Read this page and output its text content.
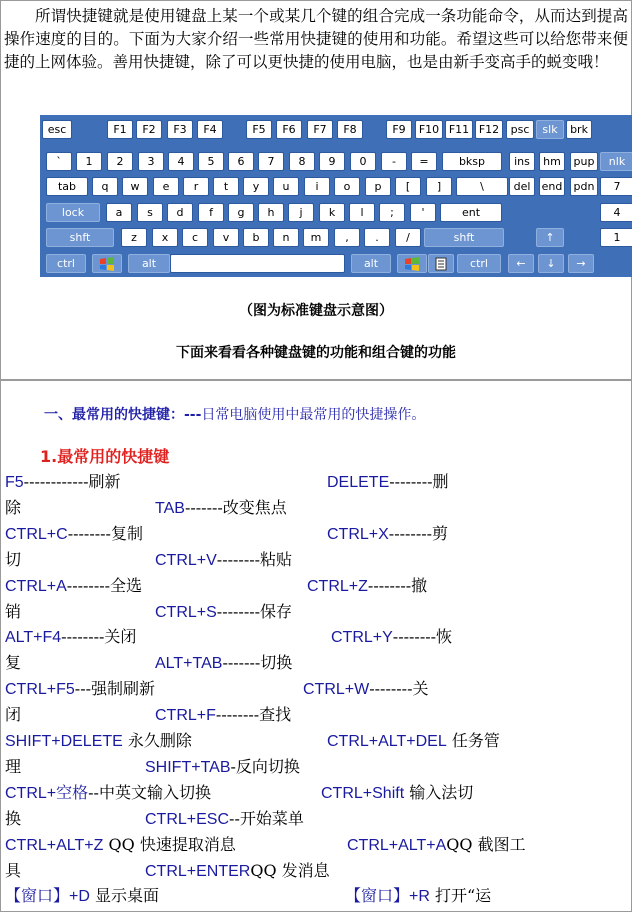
所谓快捷键就是使用键盘上某一个或某几个键的组合完成一条功能命令，从而达到提高操作速度的目的。下面为大家介绍一些常用快捷键的使用和功能。希望这些可以给您带来便捷的上网体验。善用快捷键，除了可以更快捷的使用电脑，也是由新手变高手的蜕变哦！
esc	F1	F2	F3	F4	F5	F6	F7	F8	F9	F10 F11 F12	psc	slk	brk
`	1	2	3	4	5	6	7	8	9	0	-	=	bksp	ins	hm	pup	nlk
tab	q	w	e	r	t	y	u	i	o	p	[	]	\	del	end	pdn	7
lock	a	s	d	f	g	h	j	k	l	;	'	ent	4
shft	z	x	c	v	b	n	m	,	.	/	shft	↑	1
ctrl	alt	alt	ctrl	←	↓	→
（图为标准键盘示意图）
下面来看看各种键盘键的功能和组合键的功能
一、最常用的快捷键：---日常电脑使用中最常用的快捷操作。
1.最常用的快捷键
F5------------刷新	DELETE--------删
除	TAB-------改变焦点
CTRL+C--------复制	CTRL+X--------剪
切	CTRL+V--------粘贴
CTRL+A--------全选	CTRL+Z--------撤
销	CTRL+S--------保存
ALT+F4--------关闭	CTRL+Y--------恢
复	ALT+TAB-------切换
CTRL+F5---强制刷新	CTRL+W--------关
闭	CTRL+F--------查找
SHIFT+DELETE 永久删除	CTRL+ALT+DEL 任务管
理	SHIFT+TAB-反向切换
CTRL+空格--中英文输入切换	CTRL+Shift 输入法切
换	CTRL+ESC--开始菜单
CTRL+ALT+Z QQ 快速提取消息	CTRL+ALT+AQQ 截图工
具	CTRL+ENTERQQ 发消息
【窗口】+D 显示桌面	【窗口】+R 打开“运
